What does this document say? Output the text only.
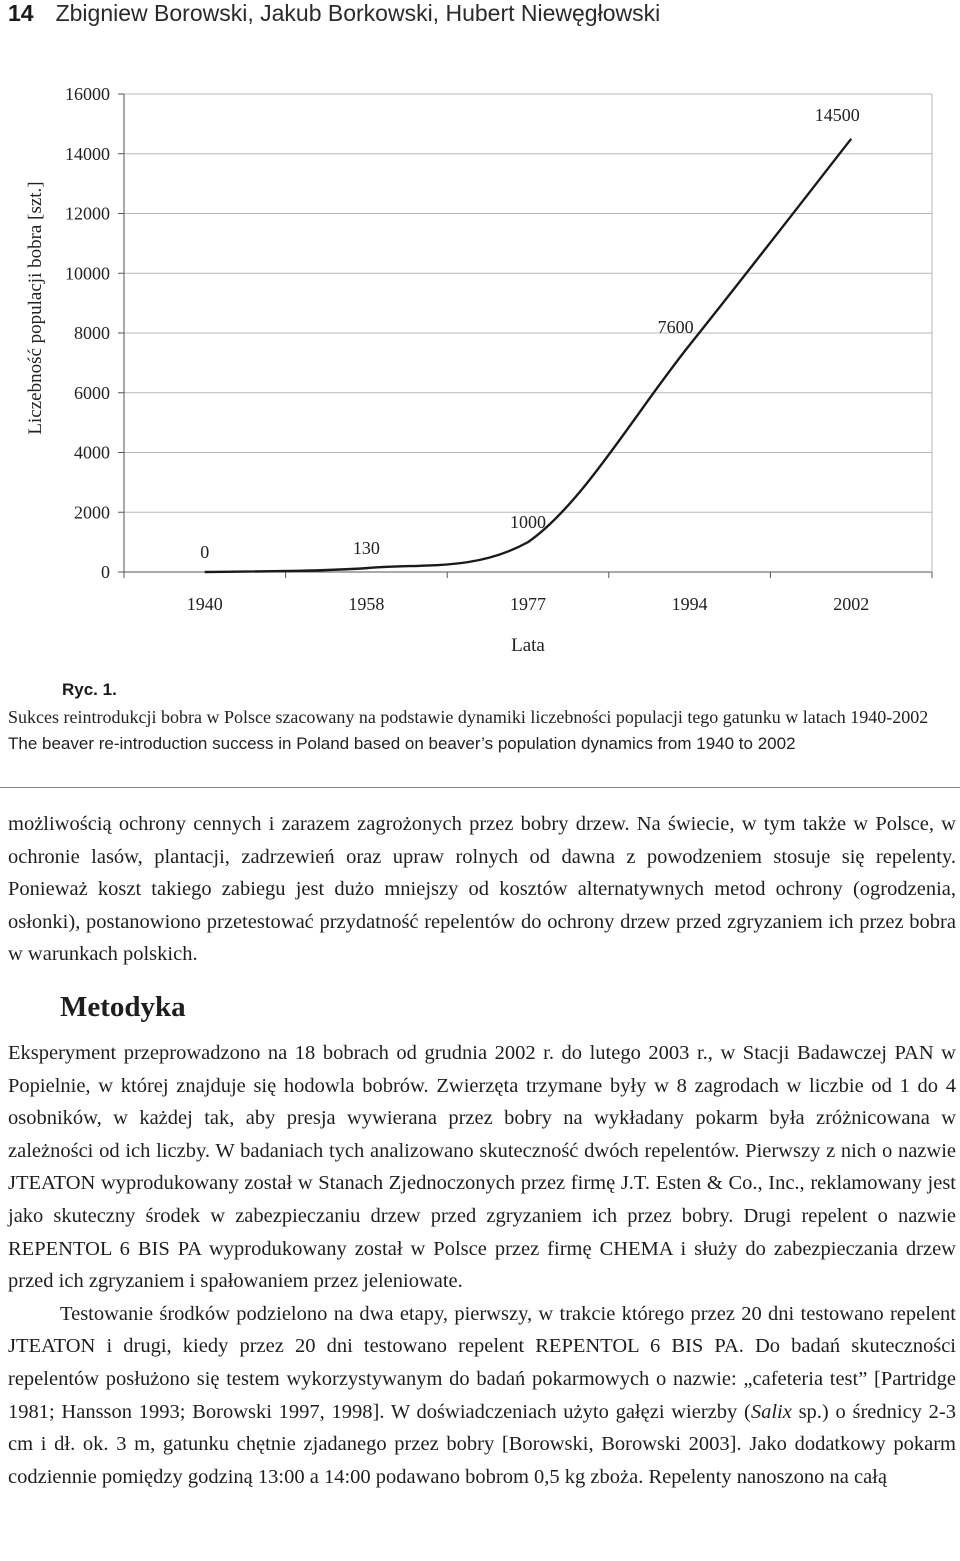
14 Zbigniew Borowski, Jakub Borkowski, Hubert Niewęgłowski
0
2000
4000
6000
8000
10000
12000
14000
16000
1940	1958	1977	1994	2002
0	130
1000
7600
14500
Lata
Liczebność populacji bobra [szt.]
Ryc. 1.
Sukces reintrodukcji bobra w Polsce szacowany na podstawie dynamiki liczebności populacji tego gatunku w latach 1940-2002
The beaver re-introduction success in Poland based on beaver’s population dynamics from 1940 to 2002

możliwością ochrony cennych i zarazem zagrożonych przez bobry drzew. Na świecie, w tym także w Polsce, w ochronie lasów, plantacji, zadrzewień oraz upraw rolnych od dawna z powodzeniem stosuje się repelenty. Ponieważ koszt takiego zabiegu jest dużo mniejszy od kosztów alternatywnych metod ochrony (ogrodzenia, osłonki), postanowiono przetestować przydatność repelentów do ochrony drzew przed zgryzaniem ich przez bobra w warunkach polskich.

Metodyka

Eksperyment przeprowadzono na 18 bobrach od grudnia 2002 r. do lutego 2003 r., w Stacji Badawczej PAN w Popielnie, w której znajduje się hodowla bobrów. Zwierzęta trzymane były w 8 zagrodach w liczbie od 1 do 4 osobników, w każdej tak, aby presja wywierana przez bobry na wykładany pokarm była zróżnicowana w zależności od ich liczby. W badaniach tych analizowano skuteczność dwóch repelentów. Pierwszy z nich o nazwie JTEATON wyprodukowany został w Stanach Zjednoczonych przez firmę J.T. Esten & Co., Inc., reklamowany jest jako skuteczny środek w zabezpieczaniu drzew przed zgryzaniem ich przez bobry. Drugi repelent o nazwie REPENTOL 6 BIS PA wyprodukowany został w Polsce przez firmę CHEMA i służy do zabezpieczania drzew przed ich zgryzaniem i spałowaniem przez jeleniowate.

Testowanie środków podzielono na dwa etapy, pierwszy, w trakcie którego przez 20 dni testowano repelent JTEATON i drugi, kiedy przez 20 dni testowano repelent REPENTOL 6 BIS PA. Do badań skuteczności repelentów posłużono się testem wykorzystywanym do badań pokarmowych o nazwie: „cafeteria test” [Partridge 1981; Hansson 1993; Borowski 1997, 1998]. W doświadczeniach użyto gałęzi wierzby (Salix sp.) o średnicy 2-3 cm i dł. ok. 3 m, gatunku chętnie zjadanego przez bobry [Borowski, Borowski 2003]. Jako dodatkowy pokarm codziennie pomiędzy godziną 13:00 a 14:00 podawano bobrom 0,5 kg zboża. Repelenty nanoszono na całą
